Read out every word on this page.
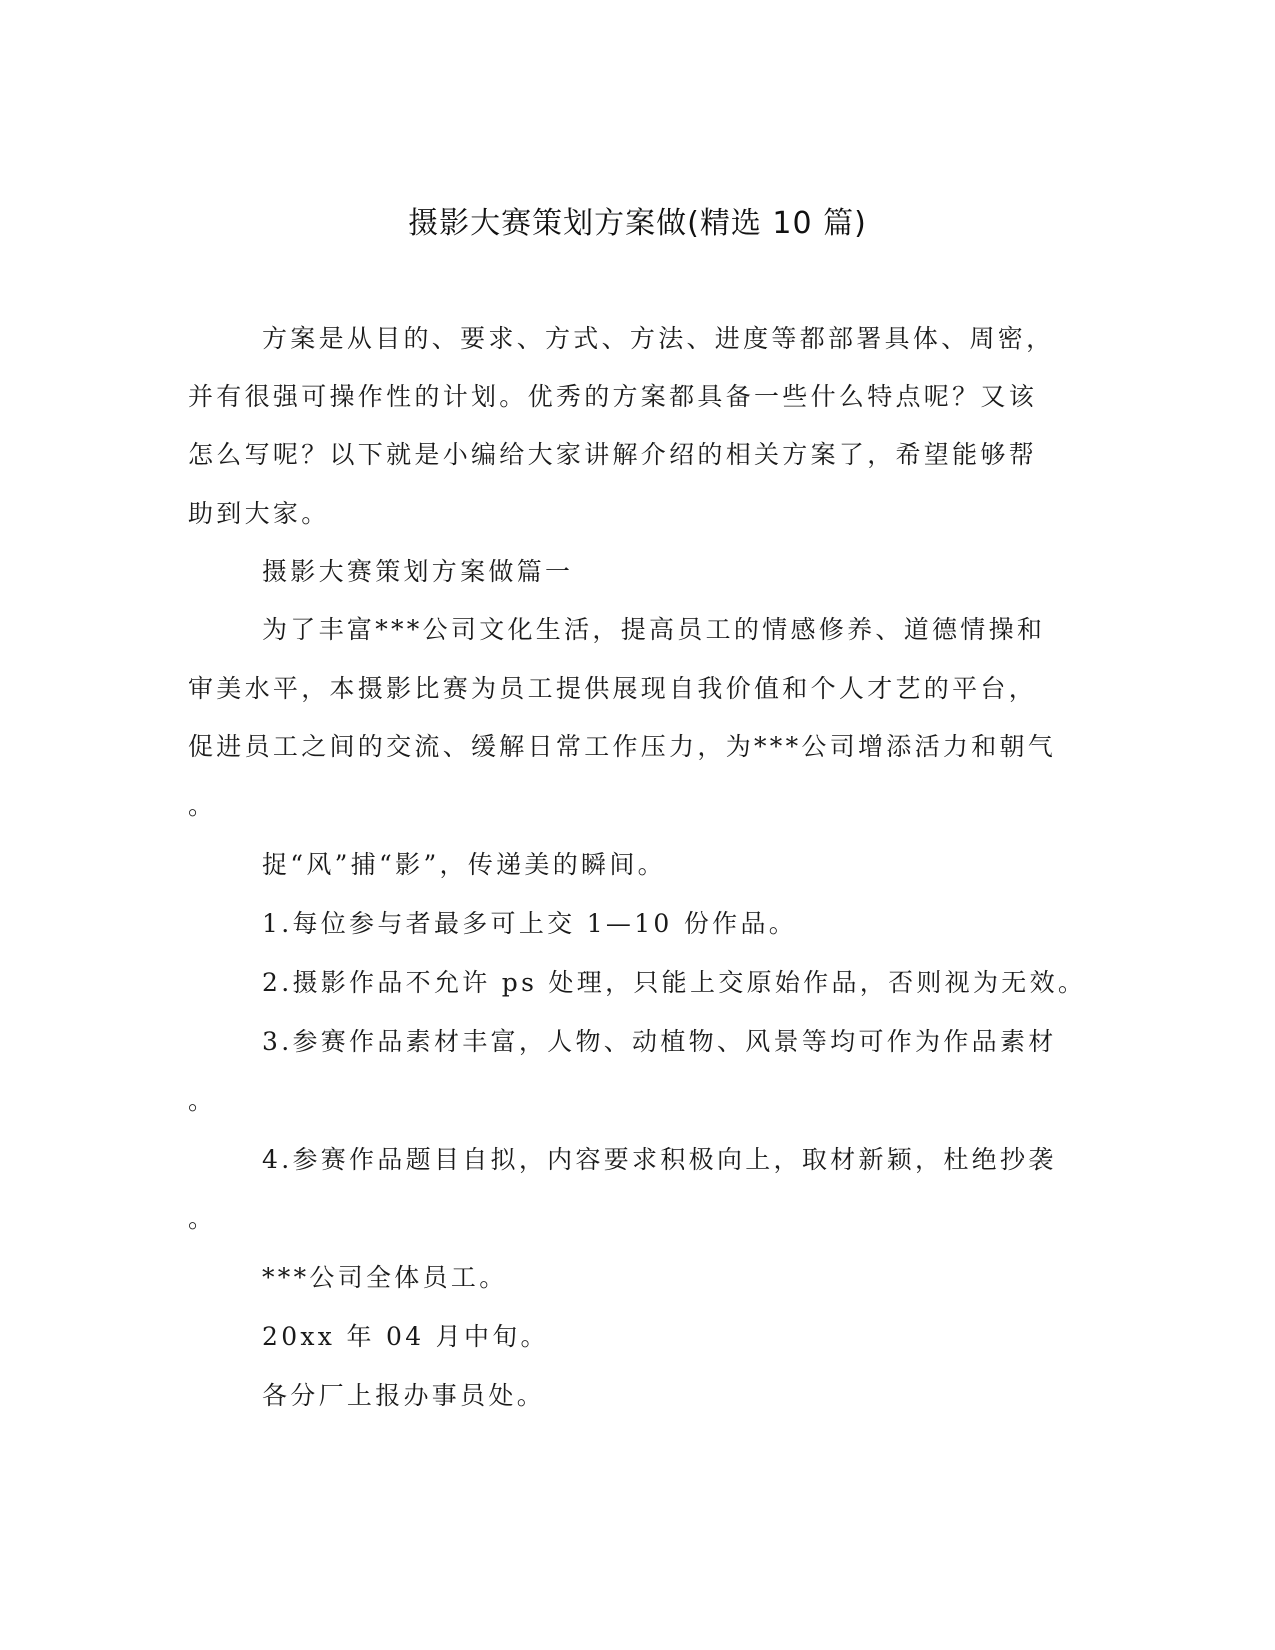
摄影大赛策划方案做(精选 10 篇)
方案是从目的、要求、方式、方法、进度等都部署具体、周密，
并有很强可操作性的计划。优秀的方案都具备一些什么特点呢？又该
怎么写呢？以下就是小编给大家讲解介绍的相关方案了，希望能够帮
助到大家。
摄影大赛策划方案做篇一
为了丰富***公司文化生活，提高员工的情感修养、道德情操和
审美水平，本摄影比赛为员工提供展现自我价值和个人才艺的平台，
促进员工之间的交流、缓解日常工作压力，为***公司增添活力和朝气
。
捉“风”捕“影”，传递美的瞬间。
1.每位参与者最多可上交 1—10 份作品。
2.摄影作品不允许 ps 处理，只能上交原始作品，否则视为无效。
3.参赛作品素材丰富，人物、动植物、风景等均可作为作品素材
。
4.参赛作品题目自拟，内容要求积极向上，取材新颖，杜绝抄袭
。
***公司全体员工。
20xx 年 04 月中旬。
各分厂上报办事员处。
